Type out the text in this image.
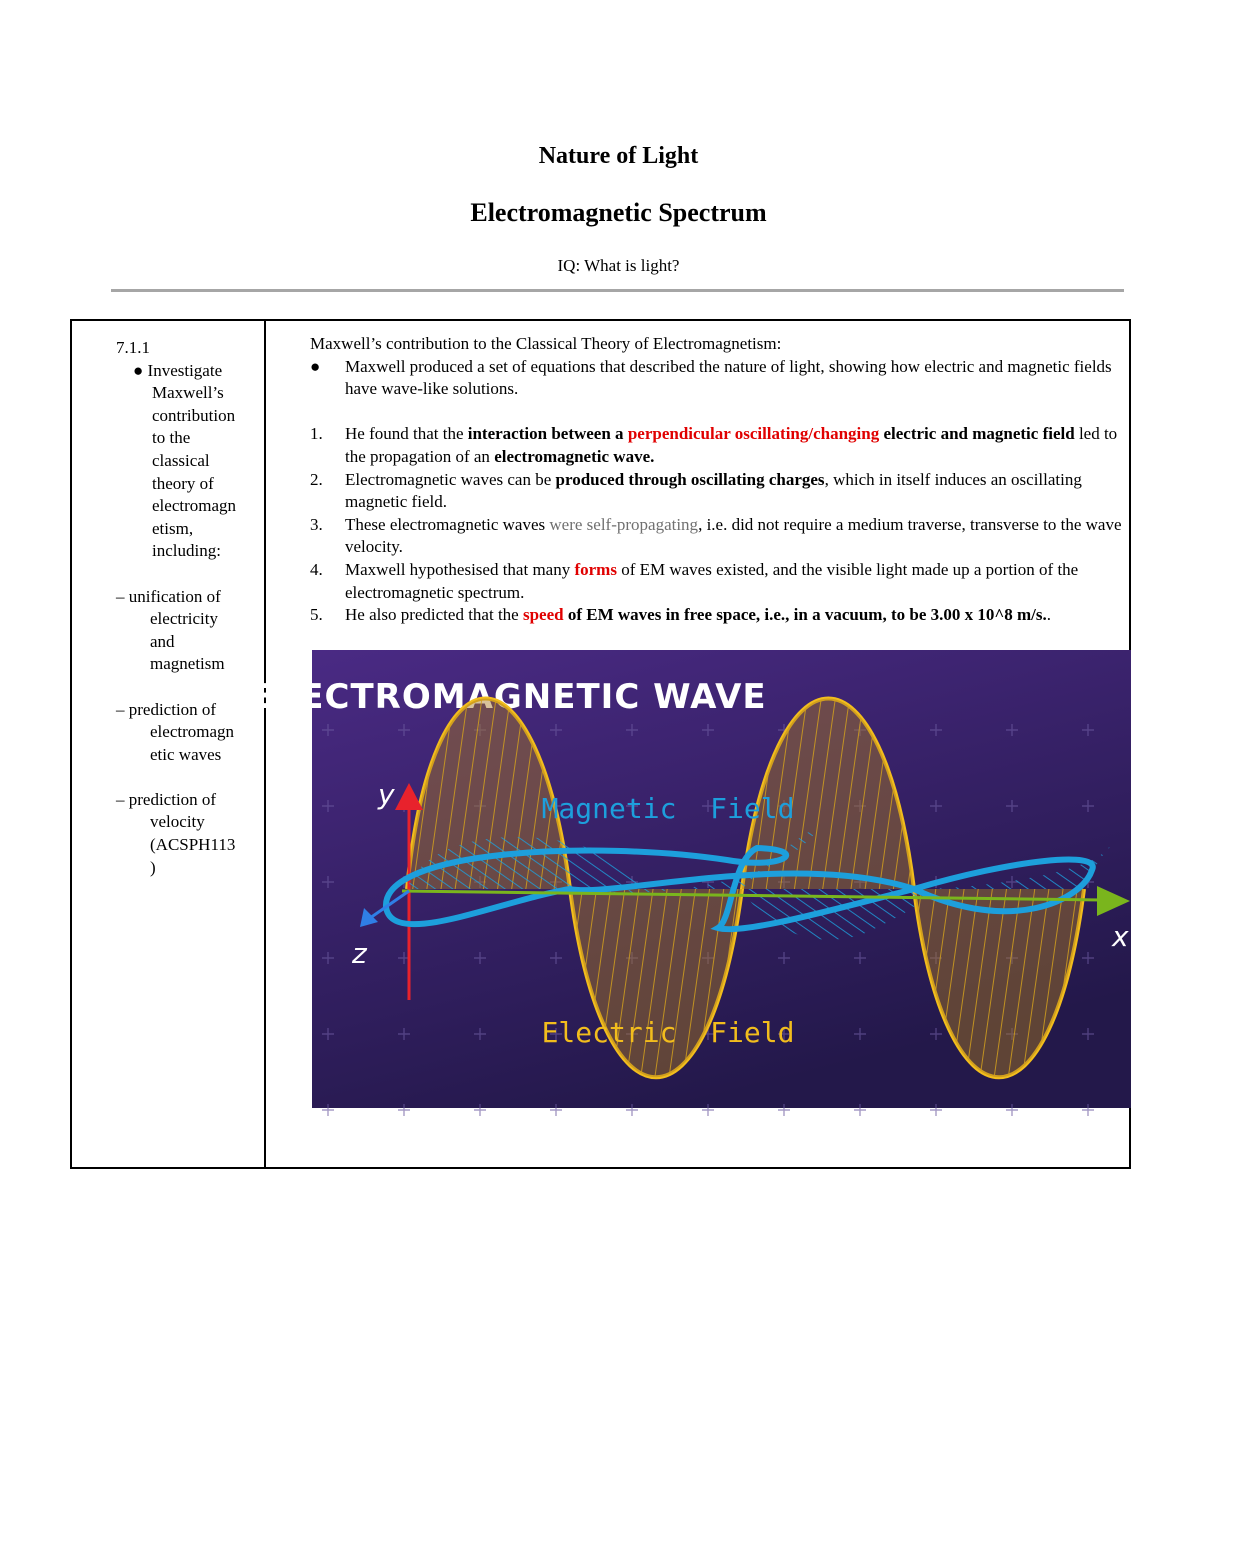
Nature of Light
Electromagnetic Spectrum
IQ: What is light?
7.1.1
● Investigate
Maxwell’s
contribution
to the
classical
theory of
electromagn
etism,
including:
– unification of
electricity
and
magnetism
– prediction of
electromagn
etic waves
– prediction of
velocity
(ACSPH113
)
Maxwell’s contribution to the Classical Theory of Electromagnetism:
● Maxwell produced a set of equations that described the nature of light, showing how electric and magnetic fields have wave-like solutions.
1. He found that the interaction between a perpendicular oscillating/changing electric and magnetic field led to the propagation of an electromagnetic wave.
2. Electromagnetic waves can be produced through oscillating charges, which in itself induces an oscillating magnetic field.
3. These electromagnetic waves were self-propagating, i.e. did not require a medium traverse, transverse to the wave velocity.
4. Maxwell hypothesised that many forms of EM waves existed, and the visible light made up a portion of the electromagnetic spectrum.
5. He also predicted that the speed of EM waves in free space, i.e., in a vacuum, to be 3.00 x 10^8 m/s..
ELECTROMAGNETIC WAVE
y
x
z
Magnetic  Field
Electric  Field
